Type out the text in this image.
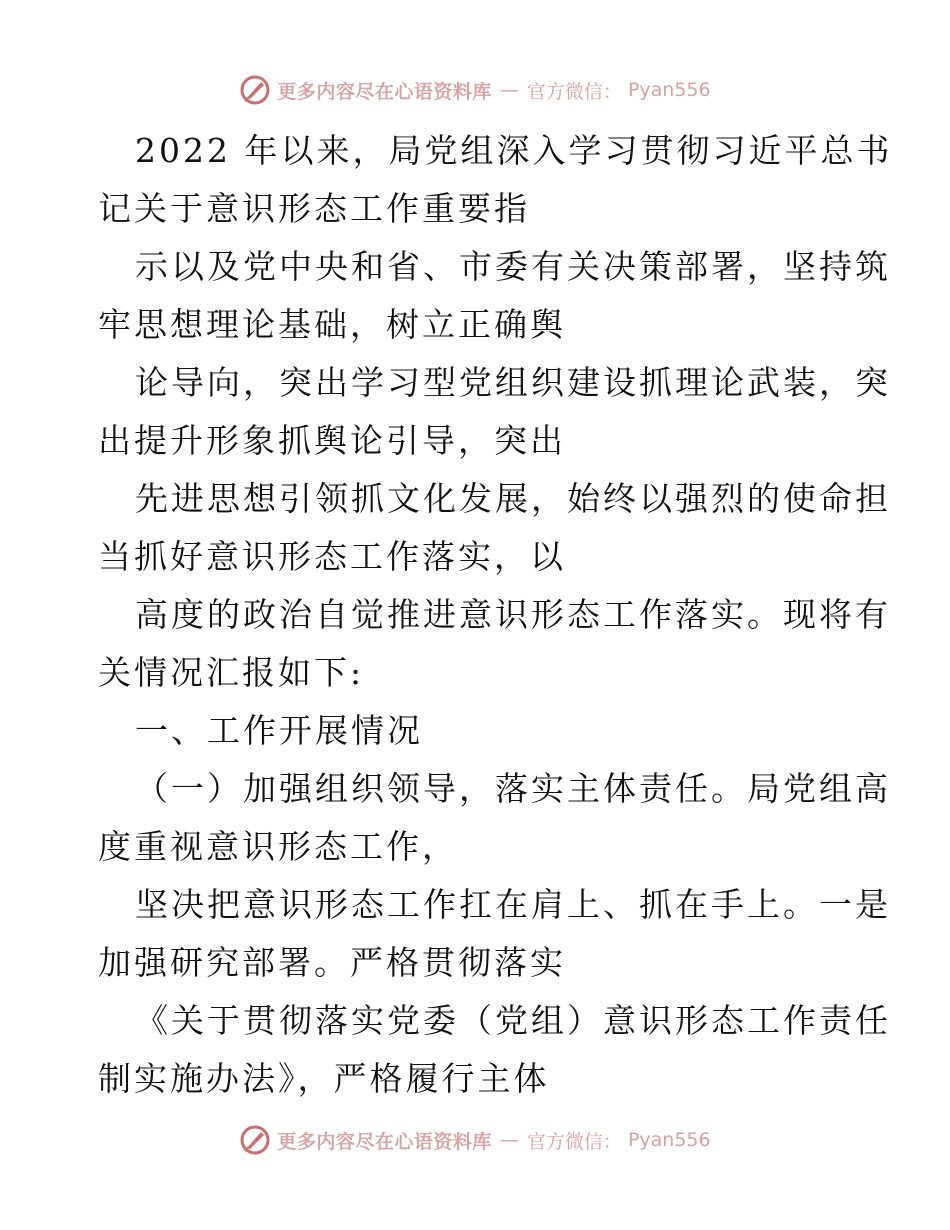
更多内容尽在心语资料库 — 官方微信： Pyan556
2022 年以来，局党组深入学习贯彻习近平总书
记关于意识形态工作重要指
示以及党中央和省、市委有关决策部署，坚持筑
牢思想理论基础，树立正确舆
论导向，突出学习型党组织建设抓理论武装，突
出提升形象抓舆论引导，突出
先进思想引领抓文化发展，始终以强烈的使命担
当抓好意识形态工作落实，以
高度的政治自觉推进意识形态工作落实。现将有
关情况汇报如下:
一、工作开展情况
（一）加强组织领导，落实主体责任。局党组高
度重视意识形态工作，
坚决把意识形态工作扛在肩上、抓在手上。一是
加强研究部署。严格贯彻落实
《关于贯彻落实党委（党组）意识形态工作责任
制实施办法》，严格履行主体
更多内容尽在心语资料库 — 官方微信： Pyan556
